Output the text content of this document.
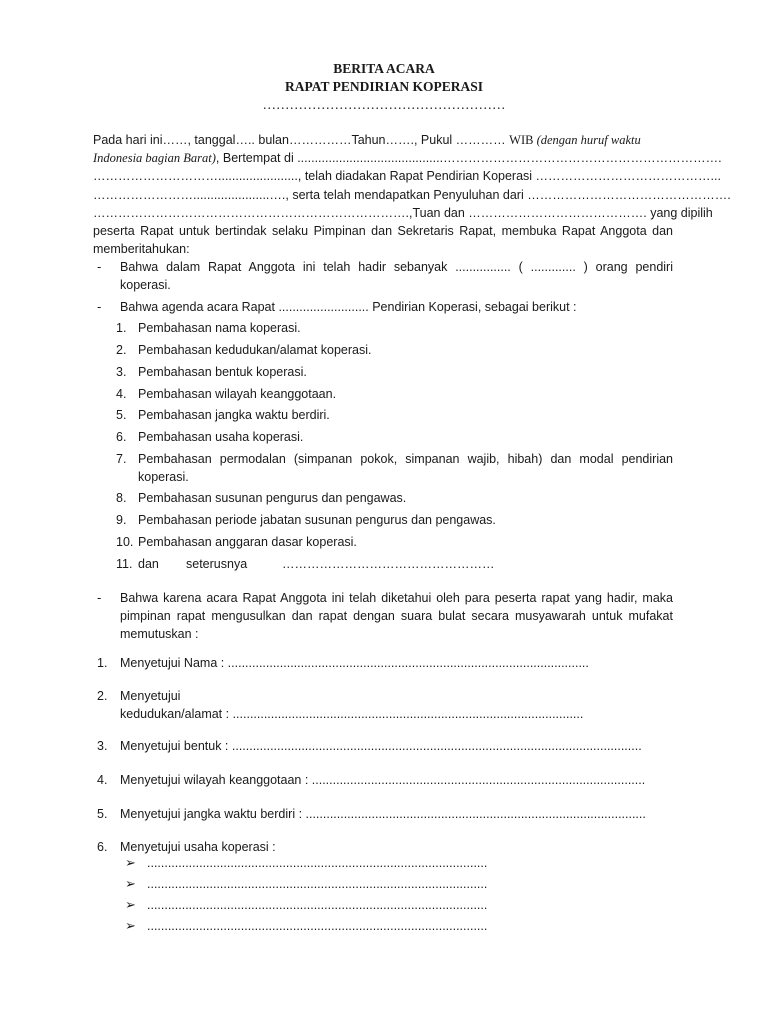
BERITA ACARA
RAPAT PENDIRIAN KOPERASI
………………………………………………
Pada hari ini……, tanggal….. bulan……………Tahun……., Pukul ………… WIB (dengan huruf waktu
Indonesia bagian Barat), Bertempat di ..........................................………………………………………………………….
…………………………......................., telah diadakan Rapat Pendirian Koperasi ……………………………………...
……………………......................…., serta telah mendapatkan Penyuluhan dari ………………………………………….
………………………………………………………………….,Tuan dan ……………………………………. yang dipilih
peserta Rapat untuk bertindak selaku Pimpinan dan Sekretaris Rapat, membuka Rapat Anggota dan
memberitahukan:
- Bahwa dalam Rapat Anggota ini telah hadir sebanyak ................ ( ............. ) orang pendiri
koperasi.
- Bahwa agenda acara Rapat .......................... Pendirian Koperasi, sebagai berikut :
1. Pembahasan nama koperasi.
2. Pembahasan kedudukan/alamat koperasi.
3. Pembahasan bentuk koperasi.
4. Pembahasan wilayah keanggotaan.
5. Pembahasan jangka waktu berdiri.
6. Pembahasan usaha koperasi.
7. Pembahasan permodalan (simpanan pokok, simpanan wajib, hibah) dan modal pendirian
koperasi.
8. Pembahasan susunan pengurus dan pengawas.
9. Pembahasan periode jabatan susunan pengurus dan pengawas.
10. Pembahasan anggaran dasar koperasi.
11. dan seterusnya	……………………………………………
- Bahwa karena acara Rapat Anggota ini telah diketahui oleh para peserta rapat yang hadir, maka
pimpinan rapat mengusulkan dan rapat dengan suara bulat secara musyawarah untuk mufakat
memutuskan :
1. Menyetujui Nama : ........................................................................................................
2. Menyetujui
kedudukan/alamat : .....................................................................................................
3. Menyetujui bentuk : ......................................................................................................................
4. Menyetujui wilayah keanggotaan : ................................................................................................
5. Menyetujui jangka waktu berdiri : ..................................................................................................
6. Menyetujui usaha koperasi :
➢ ..................................................................................................
➢ ..................................................................................................
➢ ..................................................................................................
➢ ..................................................................................................
